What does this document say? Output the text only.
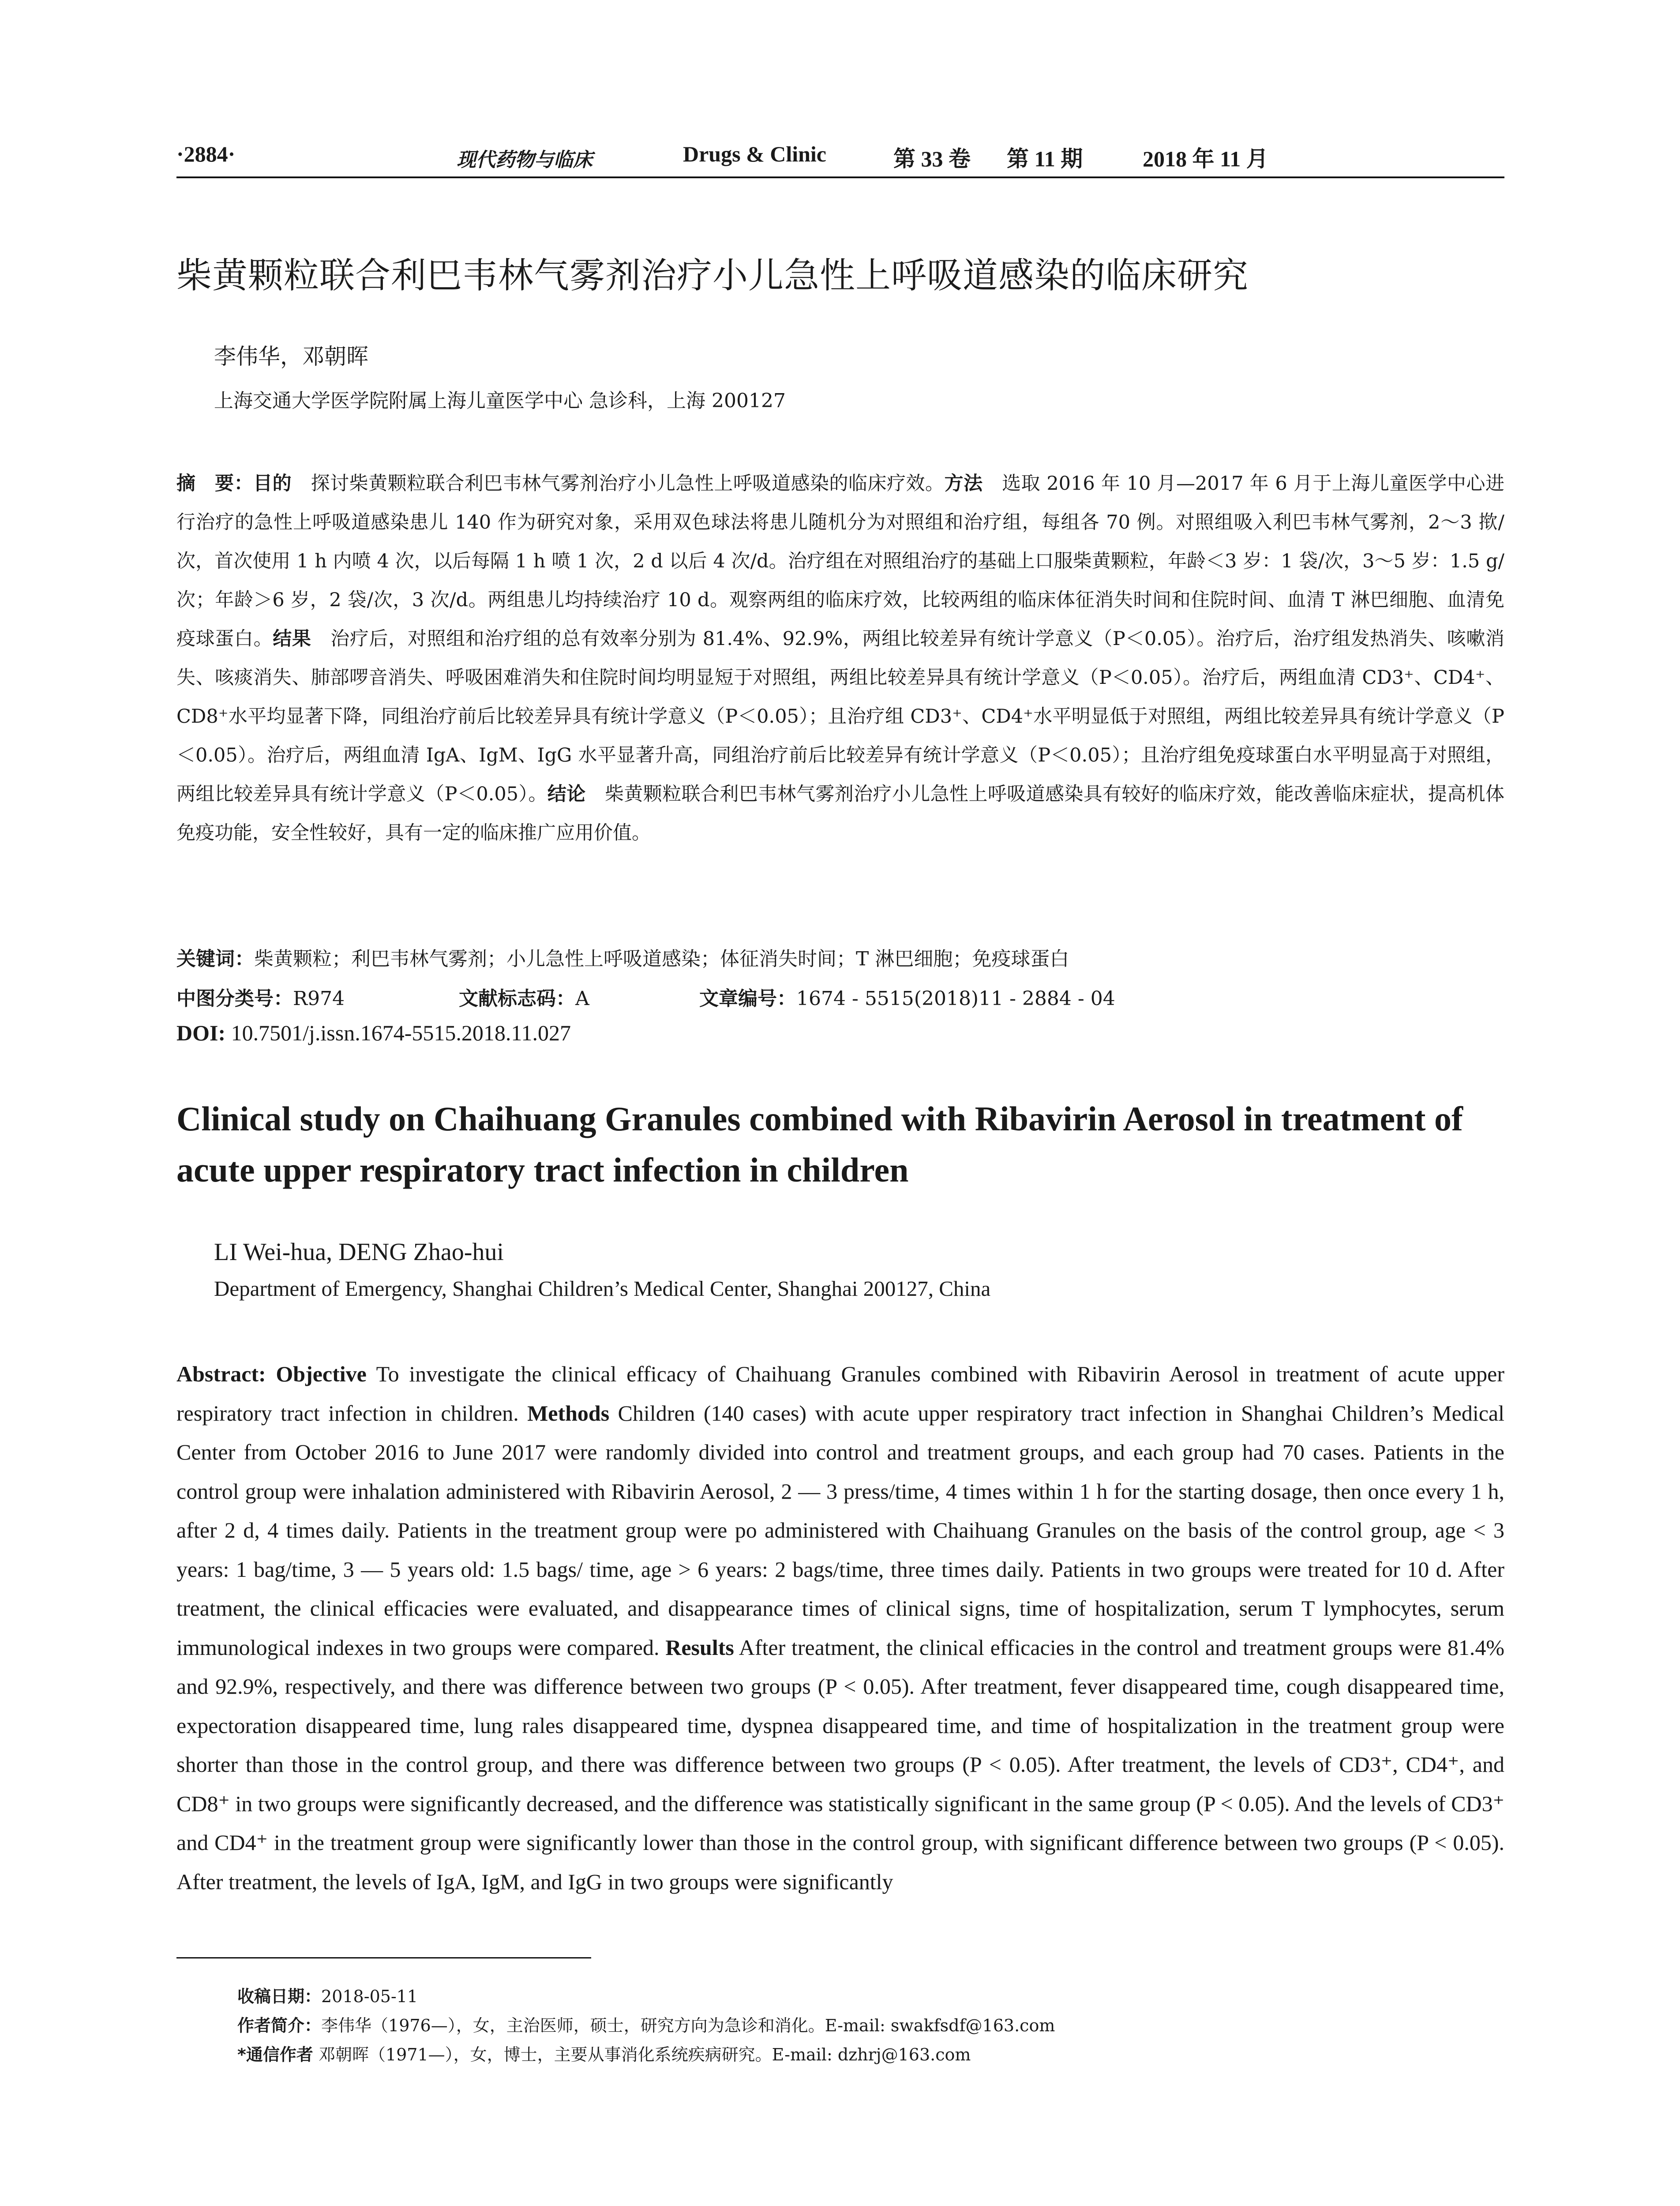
·2884·	现代药物与临床	Drugs & Clinic	第 33 卷 第 11 期	2018 年 11 月
柴黄颗粒联合利巴韦林气雾剂治疗小儿急性上呼吸道感染的临床研究
李伟华，邓朝晖
上海交通大学医学院附属上海儿童医学中心 急诊科，上海 200127
摘　要：目的　探讨柴黄颗粒联合利巴韦林气雾剂治疗小儿急性上呼吸道感染的临床疗效。方法　选取 2016 年 10 月—2017 年 6 月于上海儿童医学中心进行治疗的急性上呼吸道感染患儿 140 作为研究对象，采用双色球法将患儿随机分为对照组和治疗组，每组各 70 例。对照组吸入利巴韦林气雾剂，2～3 揿/次，首次使用 1 h 内喷 4 次，以后每隔 1 h 喷 1 次，2 d 以后 4 次/d。治疗组在对照组治疗的基础上口服柴黄颗粒，年龄＜3 岁：1 袋/次，3～5 岁：1.5 g/次；年龄＞6 岁，2 袋/次，3 次/d。两组患儿均持续治疗 10 d。观察两组的临床疗效，比较两组的临床体征消失时间和住院时间、血清 T 淋巴细胞、血清免疫球蛋白。结果　治疗后，对照组和治疗组的总有效率分别为 81.4%、92.9%，两组比较差异有统计学意义（P＜0.05）。治疗后，治疗组发热消失、咳嗽消失、咳痰消失、肺部啰音消失、呼吸困难消失和住院时间均明显短于对照组，两组比较差异具有统计学意义（P＜0.05）。治疗后，两组血清 CD3⁺、CD4⁺、CD8⁺水平均显著下降，同组治疗前后比较差异具有统计学意义（P＜0.05）；且治疗组 CD3⁺、CD4⁺水平明显低于对照组，两组比较差异具有统计学意义（P＜0.05）。治疗后，两组血清 IgA、IgM、IgG 水平显著升高，同组治疗前后比较差异有统计学意义（P＜0.05）；且治疗组免疫球蛋白水平明显高于对照组，两组比较差异具有统计学意义（P＜0.05）。结论　柴黄颗粒联合利巴韦林气雾剂治疗小儿急性上呼吸道感染具有较好的临床疗效，能改善临床症状，提高机体免疫功能，安全性较好，具有一定的临床推广应用价值。
关键词：柴黄颗粒；利巴韦林气雾剂；小儿急性上呼吸道感染；体征消失时间；T 淋巴细胞；免疫球蛋白
中图分类号：R974	文献标志码：A	文章编号：1674 - 5515(2018)11 - 2884 - 04
DOI: 10.7501/j.issn.1674-5515.2018.11.027
Clinical study on Chaihuang Granules combined with Ribavirin Aerosol in treatment of acute upper respiratory tract infection in children
LI Wei-hua, DENG Zhao-hui
Department of Emergency, Shanghai Children’s Medical Center, Shanghai 200127, China
Abstract: Objective To investigate the clinical efficacy of Chaihuang Granules combined with Ribavirin Aerosol in treatment of acute upper respiratory tract infection in children. Methods Children (140 cases) with acute upper respiratory tract infection in Shanghai Children’s Medical Center from October 2016 to June 2017 were randomly divided into control and treatment groups, and each group had 70 cases. Patients in the control group were inhalation administered with Ribavirin Aerosol, 2 — 3 press/time, 4 times within 1 h for the starting dosage, then once every 1 h, after 2 d, 4 times daily. Patients in the treatment group were po administered with Chaihuang Granules on the basis of the control group, age < 3 years: 1 bag/time, 3 — 5 years old: 1.5 bags/ time, age > 6 years: 2 bags/time, three times daily. Patients in two groups were treated for 10 d. After treatment, the clinical efficacies were evaluated, and disappearance times of clinical signs, time of hospitalization, serum T lymphocytes, serum immunological indexes in two groups were compared. Results After treatment, the clinical efficacies in the control and treatment groups were 81.4% and 92.9%, respectively, and there was difference between two groups (P < 0.05). After treatment, fever disappeared time, cough disappeared time, expectoration disappeared time, lung rales disappeared time, dyspnea disappeared time, and time of hospitalization in the treatment group were shorter than those in the control group, and there was difference between two groups (P < 0.05). After treatment, the levels of CD3⁺, CD4⁺, and CD8⁺ in two groups were significantly decreased, and the difference was statistically significant in the same group (P < 0.05). And the levels of CD3⁺ and CD4⁺ in the treatment group were significantly lower than those in the control group, with significant difference between two groups (P < 0.05). After treatment, the levels of IgA, IgM, and IgG in two groups were significantly
收稿日期：2018-05-11
作者简介：李伟华（1976—），女，主治医师，硕士，研究方向为急诊和消化。E-mail: swakfsdf@163.com
*通信作者 邓朝晖（1971—），女，博士，主要从事消化系统疾病研究。E-mail: dzhrj@163.com
